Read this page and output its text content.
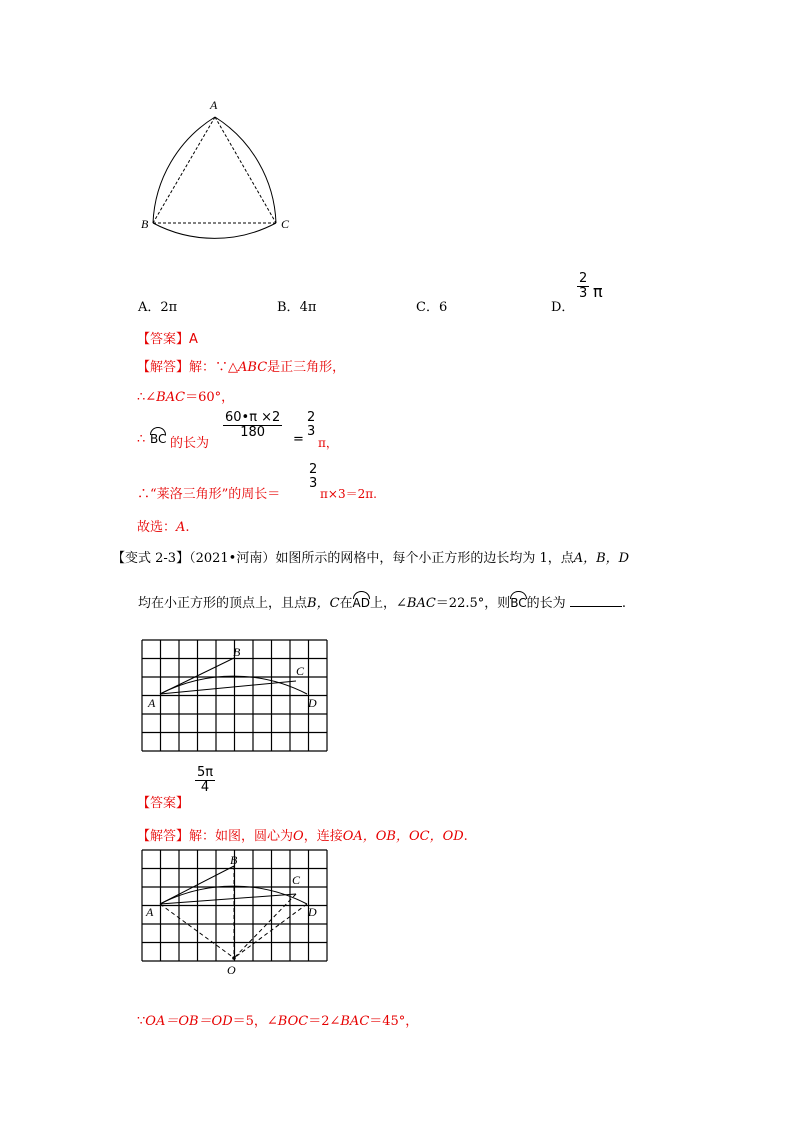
A
B	C
A．2π	B．4π	C．6	D．
$\frac{2}{3}$ π
【答案】A
【解答】解：∵△ABC是正三角形，
∴∠BAC＝60°，
∴ BC 的长为
$\frac{60•\pi \times 2}{180}$
=
2
3
π，
∴“莱洛三角形”的周长＝
2
3
π×3＝2π.
故选：A.
【变式 2-3】（2021•河南）如图所示的网格中，每个小正方形的边长均为 1，点A，B，D
均在小正方形的顶点上，且点B，C在AD上，∠BAC＝22.5°，则BC的长为	.
B
C
A	D
【答案】
$\frac{5\pi}{4}$
【解答】解：如图，圆心为O，连接OA，OB，OC，OD.
B
C
A	D
O
∵OA＝OB＝OD＝5，∠BOC＝2∠BAC＝45°，
